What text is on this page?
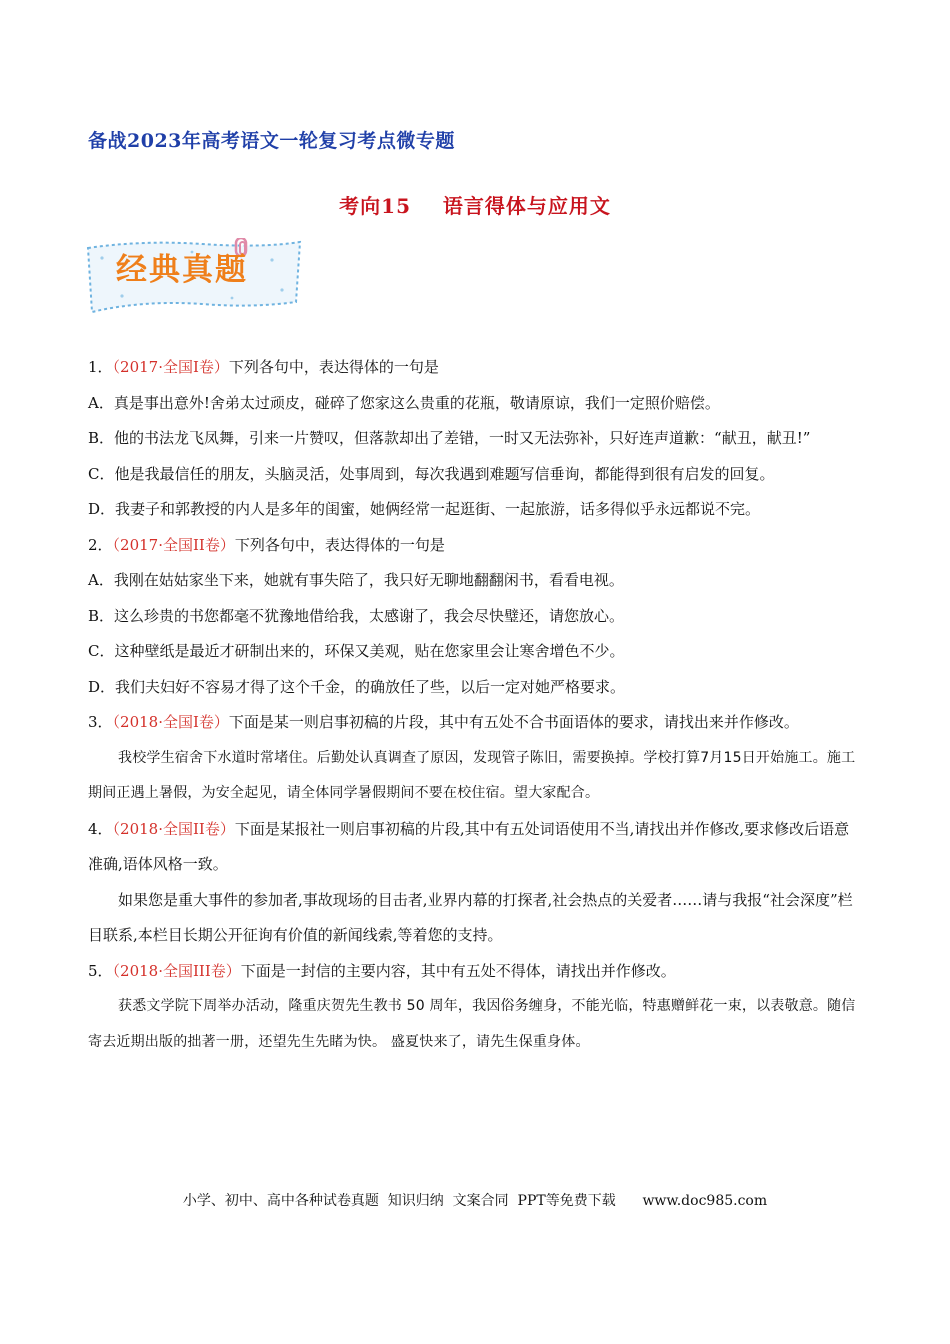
备战2023年高考语文一轮复习考点微专题
考向15    语言得体与应用文
经典真题

1．（2017·全国I卷）下列各句中，表达得体的一句是

A．真是事出意外!舍弟太过顽皮，碰碎了您家这么贵重的花瓶，敬请原谅，我们一定照价赔偿。

B．他的书法龙飞凤舞，引来一片赞叹，但落款却出了差错，一时又无法弥补，只好连声道歉：“献丑，献丑!”

C．他是我最信任的朋友，头脑灵活，处事周到，每次我遇到难题写信垂询，都能得到很有启发的回复。

D．我妻子和郭教授的内人是多年的闺蜜，她俩经常一起逛街、一起旅游，话多得似乎永远都说不完。

2．（2017·全国II卷）下列各句中，表达得体的一句是

A．我刚在姑姑家坐下来，她就有事失陪了，我只好无聊地翻翻闲书，看看电视。

B．这么珍贵的书您都毫不犹豫地借给我，太感谢了，我会尽快璧还，请您放心。

C．这种壁纸是最近才研制出来的，环保又美观，贴在您家里会让寒舍增色不少。

D．我们夫妇好不容易才得了这个千金，的确放任了些，以后一定对她严格要求。

3．（2018·全国I卷）下面是某一则启事初稿的片段，其中有五处不合书面语体的要求，请找出来并作修改。

我校学生宿舍下水道时常堵住。后勤处认真调查了原因，发现管子陈旧，需要换掉。学校打算7月15日开始施工。施工期间正遇上暑假，为安全起见，请全体同学暑假期间不要在校住宿。望大家配合。

4．（2018·全国II卷）下面是某报社一则启事初稿的片段,其中有五处词语使用不当,请找出并作修改,要求修改后语意准确,语体风格一致。

如果您是重大事件的参加者,事故现场的目击者,业界内幕的打探者,社会热点的关爱者……请与我报“社会深度”栏目联系,本栏目长期公开征询有价值的新闻线索,等着您的支持。

5．（2018·全国III卷）下面是一封信的主要内容，其中有五处不得体，请找出并作修改。

获悉文学院下周举办活动，隆重庆贺先生教书 50 周年，我因俗务缠身，不能光临，特惠赠鲜花一束，以表敬意。随信寄去近期出版的拙著一册，还望先生先睹为快。 盛夏快来了，请先生保重身体。

小学、初中、高中各种试卷真题  知识归纳  文案合同  PPT等免费下载      www.doc985.com
